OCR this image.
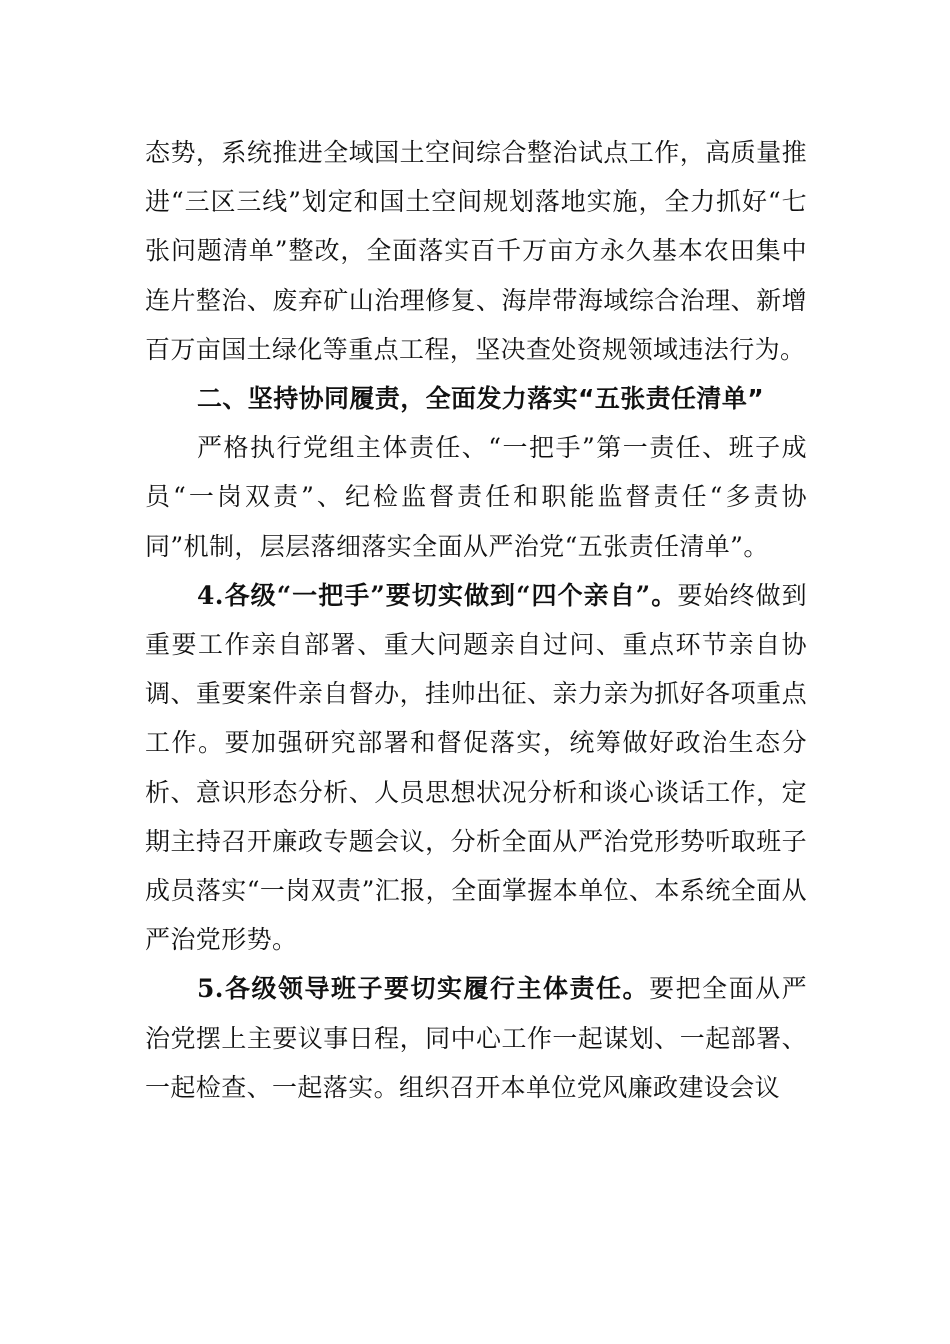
态势，系统推进全域国土空间综合整治试点工作，高质量推进“三区三线”划定和国土空间规划落地实施，全力抓好“七张问题清单”整改，全面落实百千万亩方永久基本农田集中连片整治、废弃矿山治理修复、海岸带海域综合治理、新增百万亩国土绿化等重点工程，坚决查处资规领域违法行为。

二、坚持协同履责，全面发力落实“五张责任清单”

严格执行党组主体责任、“一把手”第一责任、班子成员“一岗双责”、纪检监督责任和职能监督责任“多责协同”机制，层层落细落实全面从严治党“五张责任清单”。

4.各级“一把手”要切实做到“四个亲自”。要始终做到重要工作亲自部署、重大问题亲自过问、重点环节亲自协调、重要案件亲自督办，挂帅出征、亲力亲为抓好各项重点工作。要加强研究部署和督促落实，统筹做好政治生态分析、意识形态分析、人员思想状况分析和谈心谈话工作，定期主持召开廉政专题会议，分析全面从严治党形势听取班子成员落实“一岗双责”汇报，全面掌握本单位、本系统全面从严治党形势。

5.各级领导班子要切实履行主体责任。要把全面从严治党摆上主要议事日程，同中心工作一起谋划、一起部署、一起检查、一起落实。组织召开本单位党风廉政建设会议
